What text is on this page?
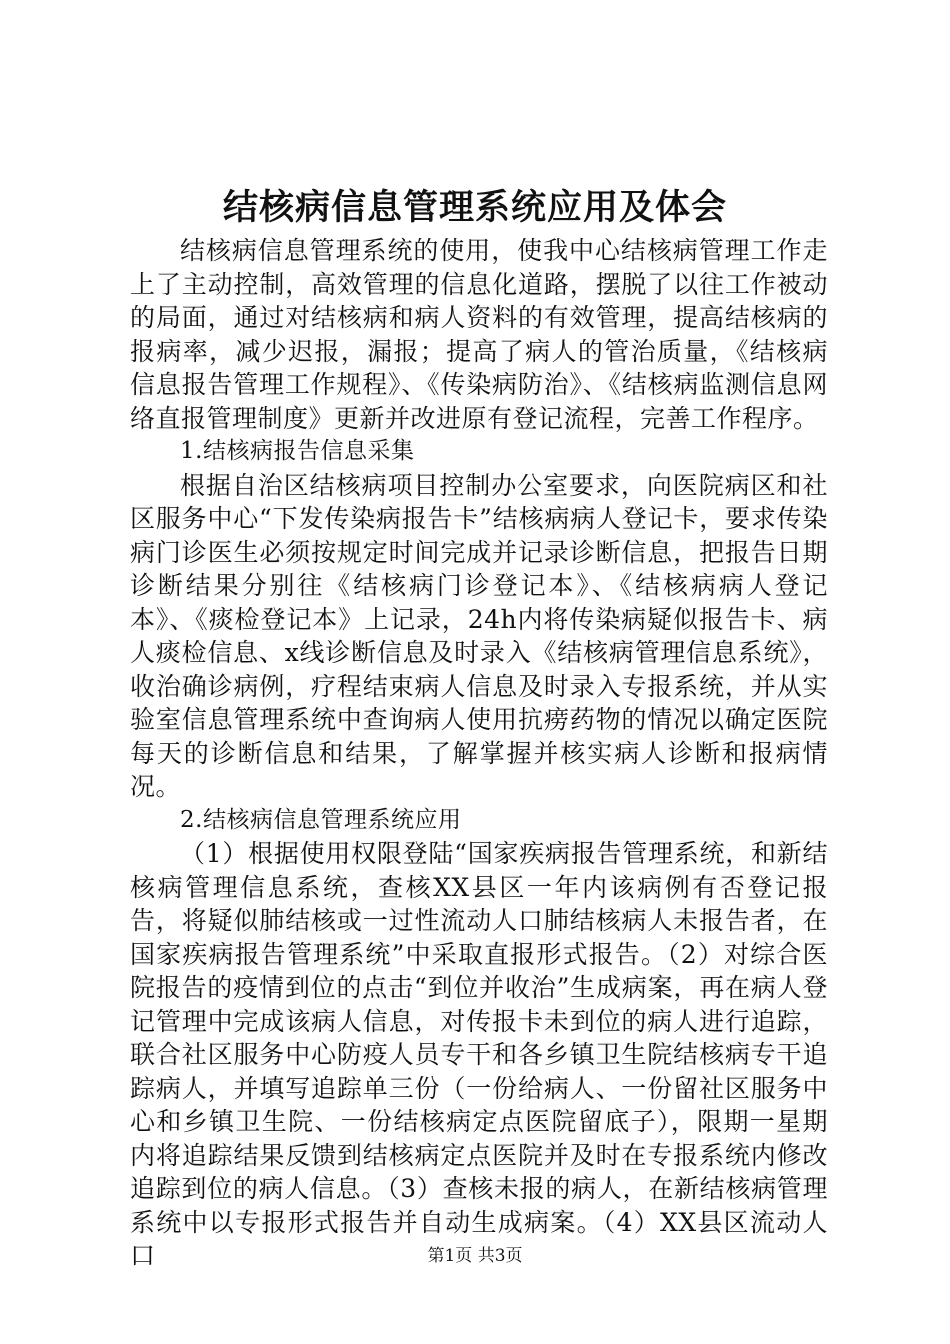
结核病信息管理系统应用及体会

结核病信息管理系统的使用，使我中心结核病管理工作走上了主动控制，高效管理的信息化道路，摆脱了以往工作被动的局面，通过对结核病和病人资料的有效管理，提高结核病的报病率，减少迟报，漏报；提高了病人的管治质量，《结核病信息报告管理工作规程》、《传染病防治》、《结核病监测信息网络直报管理制度》更新并改进原有登记流程，完善工作程序。

1.结核病报告信息采集

根据自治区结核病项目控制办公室要求，向医院病区和社区服务中心“下发传染病报告卡”结核病病人登记卡，要求传染病门诊医生必须按规定时间完成并记录诊断信息，把报告日期诊断结果分别往《结核病门诊登记本》、《结核病病人登记本》、《痰检登记本》上记录，24h内将传染病疑似报告卡、病人痰检信息、x线诊断信息及时录入《结核病管理信息系统》，收治确诊病例，疗程结束病人信息及时录入专报系统，并从实验室信息管理系统中查询病人使用抗痨药物的情况以确定医院每天的诊断信息和结果，了解掌握并核实病人诊断和报病情况。

2.结核病信息管理系统应用

（1）根据使用权限登陆“国家疾病报告管理系统，和新结核病管理信息系统，查核XX县区一年内该病例有否登记报告，将疑似肺结核或一过性流动人口肺结核病人未报告者，在国家疾病报告管理系统”中采取直报形式报告。（2）对综合医院报告的疫情到位的点击“到位并收治”生成病案，再在病人登记管理中完成该病人信息，对传报卡未到位的病人进行追踪，联合社区服务中心防疫人员专干和各乡镇卫生院结核病专干追踪病人，并填写追踪单三份（一份给病人、一份留社区服务中心和乡镇卫生院、一份结核病定点医院留底子），限期一星期内将追踪结果反馈到结核病定点医院并及时在专报系统内修改追踪到位的病人信息。（3）查核未报的病人，在新结核病管理系统中以专报形式报告并自动生成病案。（4）XX县区流动人口	第1页 共3页
